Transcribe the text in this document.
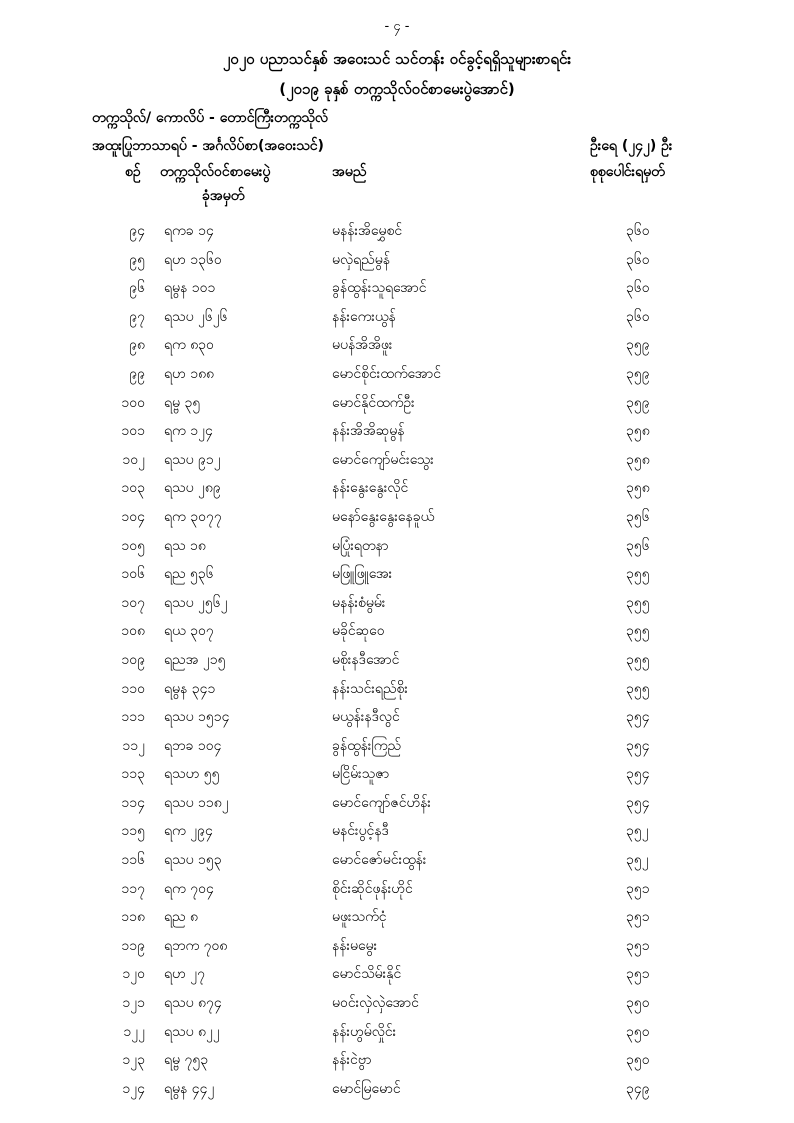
- ၄ -
၂၀၂၀ ပညာသင်နှစ် အဝေးသင် သင်တန်း ဝင်ခွင့်ရရှိသူများစာရင်း
(၂၀၁၉ ခုနှစ် တက္ကသိုလ်ဝင်စာမေးပွဲအောင်)
တက္ကသိုလ်/ ကောလိပ် - တောင်ကြီးတက္ကသိုလ်
အထူးပြုဘာသာရပ် - အင်္ဂလိပ်စာ(အဝေးသင်)	ဦးရေ (၂၄၂) ဦး
စဉ် တက္ကသိုလ်ဝင်စာမေးပွဲ
ခုံအမှတ်
အမည်	စုစုပေါင်းရမှတ်
၉၄ ရကခ ၁၄	မနန်းအိမွှေစင်	၃၆၀
၉၅ ရဟ ၁၃၆၀	မလှဲရည်မွန်	၃၆၀
၉၆ ရမွန ၁၀၁	ခွန်ထွန်းသူရအောင်	၃၆၀
၉၇ ရသပ ၂၆၂၆	နန်းကေးယွန်	၃၆၀
၉၈ ရက ၈၃၀	မပန်အိအိဖူး	၃၅၉
၉၉ ရဟ ၁၈၈	မောင်စိုင်းထက်အောင်	၃၅၉
၁၀၀ ရမ္ဗ ၃၅	မောင်နိုင်ထက်ဦး	၃၅၉
၁၀၁ ရက ၁၂၄	နန်းအိအိဆုမွန်	၃၅၈
၁၀၂ ရသပ ၉၁၂	မောင်ကျော်မင်းသွေး	၃၅၈
၁၀၃ ရသပ ၂၈၉	နန်းနွေးနွေးလိုင်	၃၅၈
၁၀၄ ရက ၃၀၇၇	မနော်နွေးနွေးနေခူယ်	၃၅၆
၁၀၅ ရသ ၁၈	မပြုံးရတနာ	၃၅၆
၁၀၆ ရည ၅၃၆	မဖြူဖြူအေး	၃၅၅
၁၀၇ ရသပ ၂၅၆၂	မနန်းစံမွမ်း	၃၅၅
၁၀၈ ရယ ၃၀၇	မခိုင်ဆုဝေ	၃၅၅
၁၀၉ ရညအ ၂၁၅	မစိုးနဒီအောင်	၃၅၅
၁၁၀ ရမွန ၃၄၁	နန်းသင်းရည်စိုး	၃၅၅
၁၁၁ ရသပ ၁၅၁၄	မယွန်းနဒီလွင်	၃၅၄
၁၁၂ ရဘခ ၁၀၄	ခွန်ထွန်းကြည်	၃၅၄
၁၁၃ ရသဟ ၅၅	မငြိမ်းသူဇာ	၃၅၄
၁၁၄ ရသပ ၁၁၈၂	မောင်ကျော်ဇင်ဟိန်း	၃၅၄
၁၁၅ ရက ၂၉၄	မနင်းပွင့်နဒီ	၃၅၂
၁၁၆ ရသပ ၁၅၃	မောင်ဇော်မင်းထွန်း	၃၅၂
၁၁၇ ရက ၇၀၄	စိုင်းဆိုင်ဖုန်းဟိုင်	၃၅၁
၁၁၈ ရည ၈	မဖူးသက်ငုံ	၃၅၁
၁၁၉ ရဘက ၇၀၈	နန်းမမွေး	၃၅၁
၁၂၀ ရဟ ၂၇	မောင်သိမ်းနိုင်	၃၅၁
၁၂၁ ရသပ ၈၇၄	မဝင်းလှဲလှဲအောင်	၃၅၀
၁၂၂ ရသပ ၈၂၂	နန်းဟွမ်လှိုင်း	၃၅၀
၁၂၃ ရမ္ဗ ၇၅၃	နန်းငဲဗွာ	၃၅၀
၁၂၄ ရမွန ၄၄၂	မောင်မြမောင်	၃၄၉
